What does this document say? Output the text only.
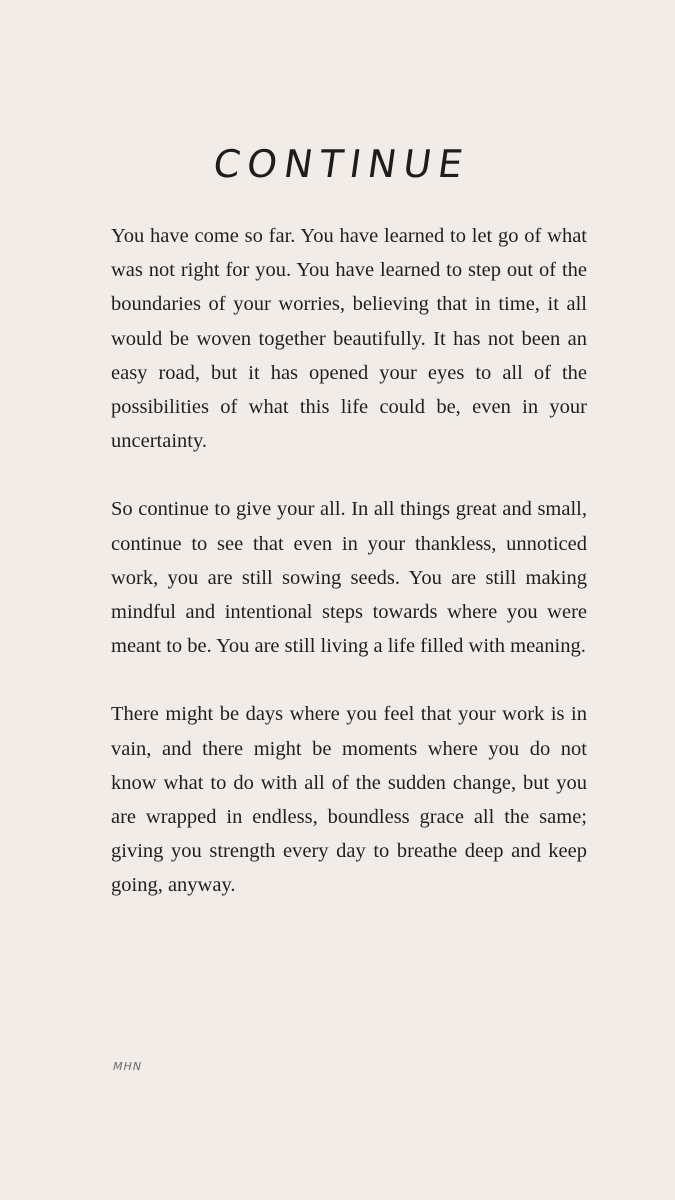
CONTINUE

You have come so far. You have learned to let go of what was not right for you. You have learned to step out of the boundaries of your worries, believing that in time, it all would be woven together beautifully. It has not been an easy road, but it has opened your eyes to all of the possibilities of what this life could be, even in your uncertainty.

So continue to give your all. In all things great and small, continue to see that even in your thankless, unnoticed work, you are still sowing seeds. You are still making mindful and intentional steps towards where you were meant to be. You are still living a life filled with meaning.

There might be days where you feel that your work is in vain, and there might be moments where you do not know what to do with all of the sudden change, but you are wrapped in endless, boundless grace all the same; giving you strength every day to breathe deep and keep going, anyway.

MHN
